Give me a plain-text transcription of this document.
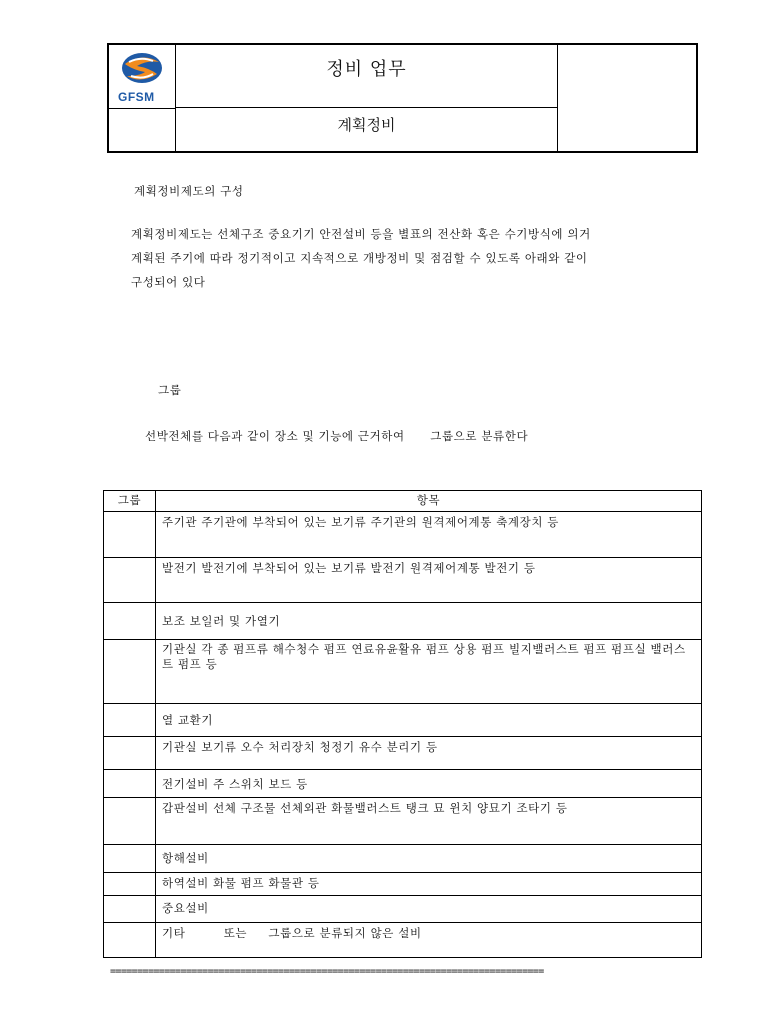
GFSM
정비 업무
계획정비
계획정비제도의 구성
계획정비제도는 선체구조 중요기기 안전설비 등을 별표의 전산화 혹은 수기방식에 의거
계획된 주기에 따라 정기적이고 지속적으로 개방정비 및 점검할 수 있도록 아래와 같이
구성되어 있다
그룹
선박전체를 다음과 같이 장소 및 기능에 근거하여      그룹으로 분류한다
그룹	항목
	주기관 주기관에 부착되어 있는 보기류 주기관의 원격제어계통 축계장치 등
	발전기 발전기에 부착되어 있는 보기류 발전기 원격제어계통 발전기 등
	보조 보일러 및 가열기
	기관실 각 종 펌프류 해수청수 펌프 연료유윤활유 펌프 상용 펌프 빌지밸러스트 펌프 펌프실 밸러스트 펌프 등
	열 교환기
	기관실 보기류 오수 처리장치 청정기 유수 분리기 등
	전기설비 주 스위치 보드 등
	갑판설비 선체 구조물 선체외관 화물밸러스트 탱크 묘 윈치 양묘기 조타기 등
	항해설비
	하역설비 화물 펌프 화물관 등
	중요설비
	기타         또는     그룹으로 분류되지 않은 설비
================================================================================
